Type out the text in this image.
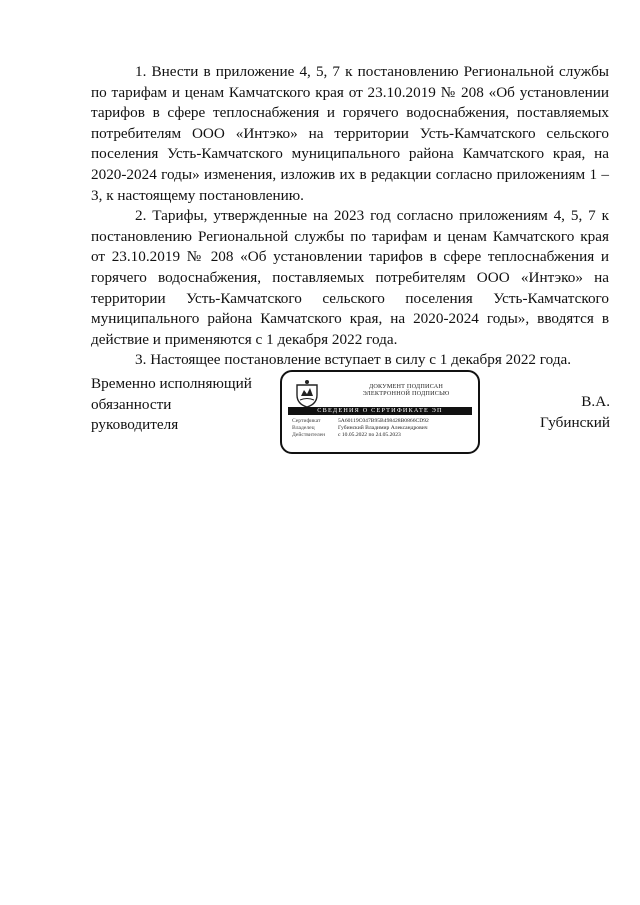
1. Внести в приложение 4, 5, 7 к постановлению Региональной службы по тарифам и ценам Камчатского края от 23.10.2019 № 208 «Об установлении тарифов в сфере теплоснабжения и горячего водоснабжения, поставляемых потребителям ООО «Интэко» на территории Усть-Камчатского сельского поселения Усть-Камчатского муниципального района Камчатского края, на 2020-2024 годы» изменения, изложив их в редакции согласно приложениям 1 – 3, к настоящему постановлению.

2. Тарифы, утвержденные на 2023 год согласно приложениям 4, 5, 7 к постановлению Региональной службы по тарифам и ценам Камчатского края от 23.10.2019 № 208 «Об установлении тарифов в сфере теплоснабжения и горячего водоснабжения, поставляемых потребителям ООО «Интэко» на территории Усть-Камчатского сельского поселения Усть-Камчатского муниципального района Камчатского края, на 2020-2024 годы», вводятся в действие и применяются с 1 декабря 2022 года.

3. Настоящее постановление вступает в силу с 1 декабря 2022 года.

Временно исполняющий
обязанности
руководителя
ДОКУМЕНТ ПОДПИСАН
ЭЛЕКТРОННОЙ ПОДПИСЬЮ
СВЕДЕНИЯ О СЕРТИФИКАТЕ ЭП
Сертификат	5A60119C047B95B498428B0866CD92
Владелец	Губинский Владимир Александрович
Действителен	с 10.05.2022 по 24.05.2023
В.А.
Губинский
